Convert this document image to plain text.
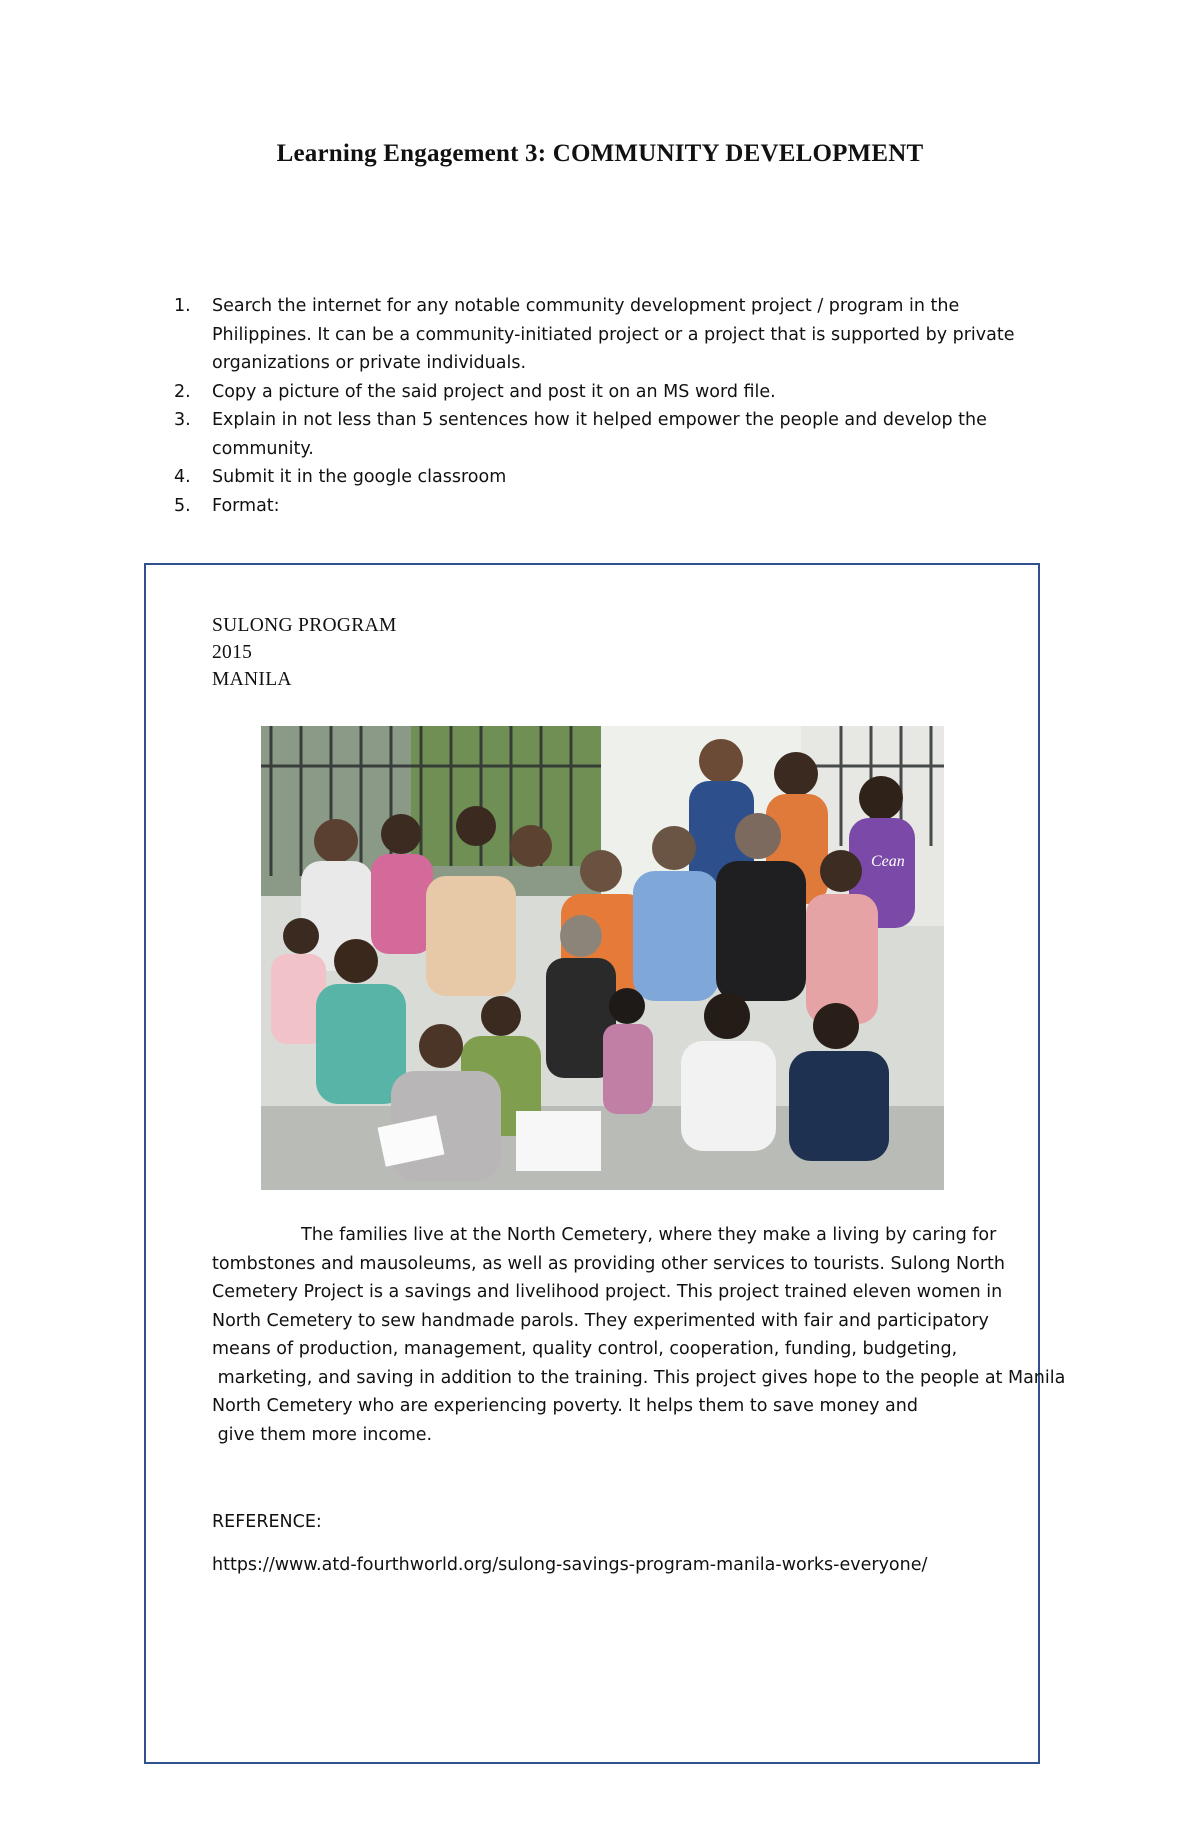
Learning Engagement 3: COMMUNITY DEVELOPMENT
1.	Search the internet for any notable community development project / program in the
Philippines. It can be a community-initiated project or a project that is supported by private
organizations or private individuals.
2.	Copy a picture of the said project and post it on an MS word file.
3.	Explain in not less than 5 sentences how it helped empower the people and develop the
community.
4.	Submit it in the google classroom
5.	Format:
SULONG PROGRAM
2015
MANILA
Cean
The families live at the North Cemetery, where they make a living by caring for
tombstones and mausoleums, as well as providing other services to tourists. Sulong North
Cemetery Project is a savings and livelihood project. This project trained eleven women in
North Cemetery to sew handmade parols. They experimented with fair and participatory
means of production, management, quality control, cooperation, funding, budgeting,
marketing, and saving in addition to the training. This project gives hope to the people at Manila
North Cemetery who are experiencing poverty. It helps them to save money and
give them more income.
REFERENCE:
https://www.atd-fourthworld.org/sulong-savings-program-manila-works-everyone/
